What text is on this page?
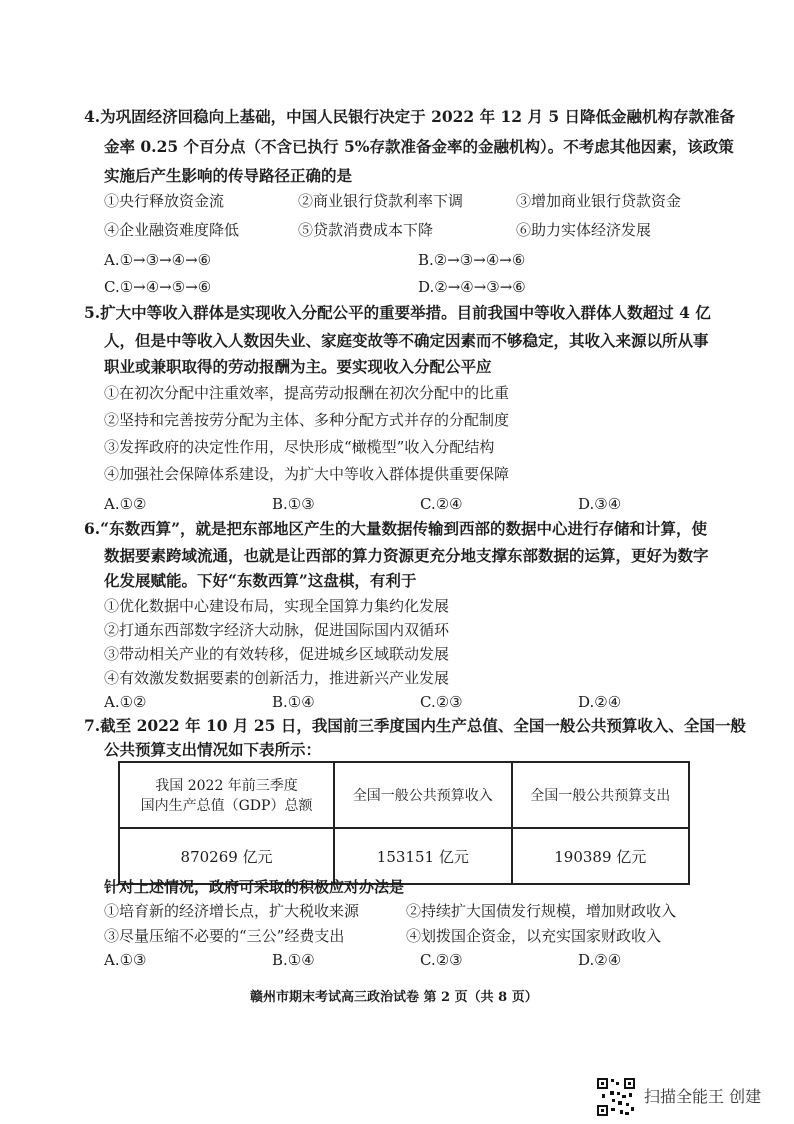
4.为巩固经济回稳向上基础，中国人民银行决定于 2022 年 12 月 5 日降低金融机构存款准备
金率 0.25 个百分点（不含已执行 5%存款准备金率的金融机构）。不考虑其他因素，该政策
实施后产生影响的传导路径正确的是
①央行释放资金流	②商业银行贷款利率下调	③增加商业银行贷款资金
④企业融资难度降低	⑤贷款消费成本下降	⑥助力实体经济发展
A.①→③→④→⑥	B.②→③→④→⑥
C.①→④→⑤→⑥	D.②→④→③→⑥
5.扩大中等收入群体是实现收入分配公平的重要举措。目前我国中等收入群体人数超过 4 亿
人，但是中等收入人数因失业、家庭变故等不确定因素而不够稳定，其收入来源以所从事
职业或兼职取得的劳动报酬为主。要实现收入分配公平应
①在初次分配中注重效率，提高劳动报酬在初次分配中的比重
②坚持和完善按劳分配为主体、多种分配方式并存的分配制度
③发挥政府的决定性作用，尽快形成“橄榄型”收入分配结构
④加强社会保障体系建设，为扩大中等收入群体提供重要保障
A.①②	B.①③	C.②④	D.③④
6.“东数西算”，就是把东部地区产生的大量数据传输到西部的数据中心进行存储和计算，使
数据要素跨域流通，也就是让西部的算力资源更充分地支撑东部数据的运算，更好为数字
化发展赋能。下好“东数西算”这盘棋，有利于
①优化数据中心建设布局，实现全国算力集约化发展
②打通东西部数字经济大动脉，促进国际国内双循环
③带动相关产业的有效转移，促进城乡区域联动发展
④有效激发数据要素的创新活力，推进新兴产业发展
A.①②	B.①④	C.②③	D.②④
7.截至 2022 年 10 月 25 日，我国前三季度国内生产总值、全国一般公共预算收入、全国一般
公共预算支出情况如下表所示：
我国 2022 年前三季度
国内生产总值（GDP）总额	全国一般公共预算收入	全国一般公共预算支出
870269 亿元	153151 亿元	190389 亿元
针对上述情况，政府可采取的积极应对办法是
①培育新的经济增长点，扩大税收来源	②持续扩大国债发行规模，增加财政收入
③尽量压缩不必要的“三公”经费支出	④划拨国企资金，以充实国家财政收入
A.①③	B.①④	C.②③	D.②④
赣州市期末考试高三政治试卷 第 2 页（共 8 页）
扫描全能王 创建
